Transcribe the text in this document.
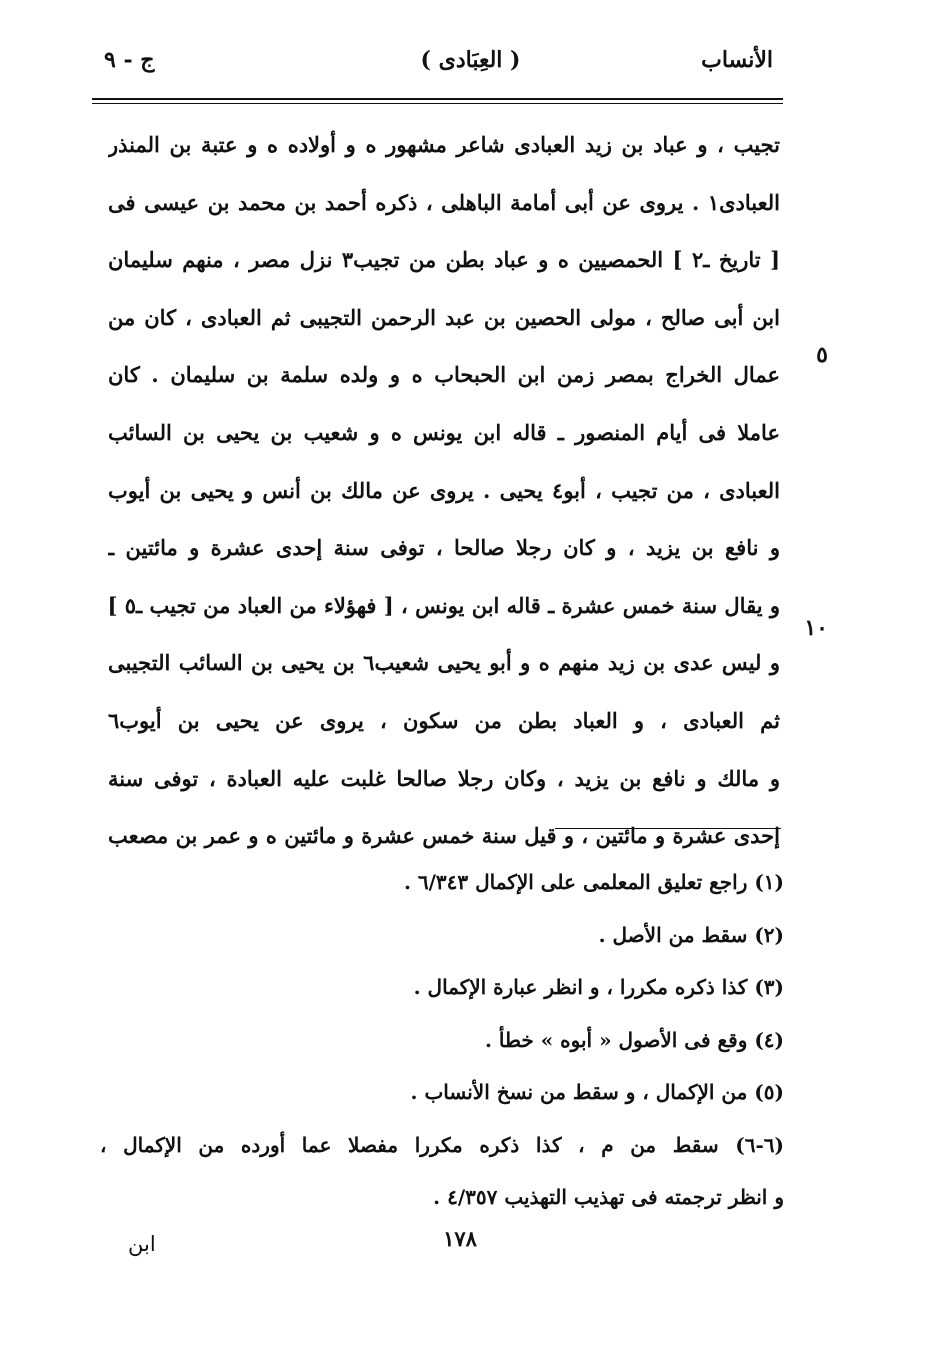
الأنساب
( العِبَادى )
ج - ٩
٥
١٠
تجيب ، و عباد بن زيد العبادى شاعر مشهور ه و أولاده ه و عتبة بن المنذر
العبادى١ . يروى عن أبى أمامة الباهلى ، ذكره أحمد بن محمد بن عيسى فى
[ تاريخ ـ٢ ] الحمصيين ه و عباد بطن من تجيب٣ نزل مصر ، منهم سليمان
ابن أبى صالح ، مولى الحصين بن عبد الرحمن التجيبى ثم العبادى ، كان من
عمال الخراج بمصر زمن ابن الحبحاب ه و ولده سلمة بن سليمان . كان
عاملا فى أيام المنصور ـ قاله ابن يونس ه و شعيب بن يحيى بن السائب
العبادى ، من تجيب ، أبو٤ يحيى . يروى عن مالك بن أنس و يحيى بن أيوب
و نافع بن يزيد ، و كان رجلا صالحا ، توفى سنة إحدى عشرة و مائتين ـ
و يقال سنة خمس عشرة ـ قاله ابن يونس ، [ فهؤلاء من العباد من تجيب ـ٥ ]
و ليس عدى بن زيد منهم ه و أبو يحيى شعيب٦ بن يحيى بن السائب التجيبى
ثم العبادى ، و العباد بطن من سكون ، يروى عن يحيى بن أيوب٦
و مالك و نافع بن يزيد ، وكان رجلا صالحا غلبت عليه العبادة ، توفى سنة
إحدى عشرة و مائتين ، و قيل سنة خمس عشرة و مائتين ه و عمر بن مصعب
(١) راجع تعليق المعلمى على الإكمال ٦/٣٤٣ .
(٢) سقط من الأصل .
(٣) كذا ذكره مكررا ، و انظر عبارة الإكمال .
(٤) وقع فى الأصول « أبوه » خطأ .
(٥) من الإكمال ، و سقط من نسخ الأنساب .
(٦-٦) سقط من م ، كذا ذكره مكررا مفصلا عما أورده من الإكمال ،
و انظر ترجمته فى تهذيب التهذيب ٤/٣٥٧ .
١٧٨
ابن
